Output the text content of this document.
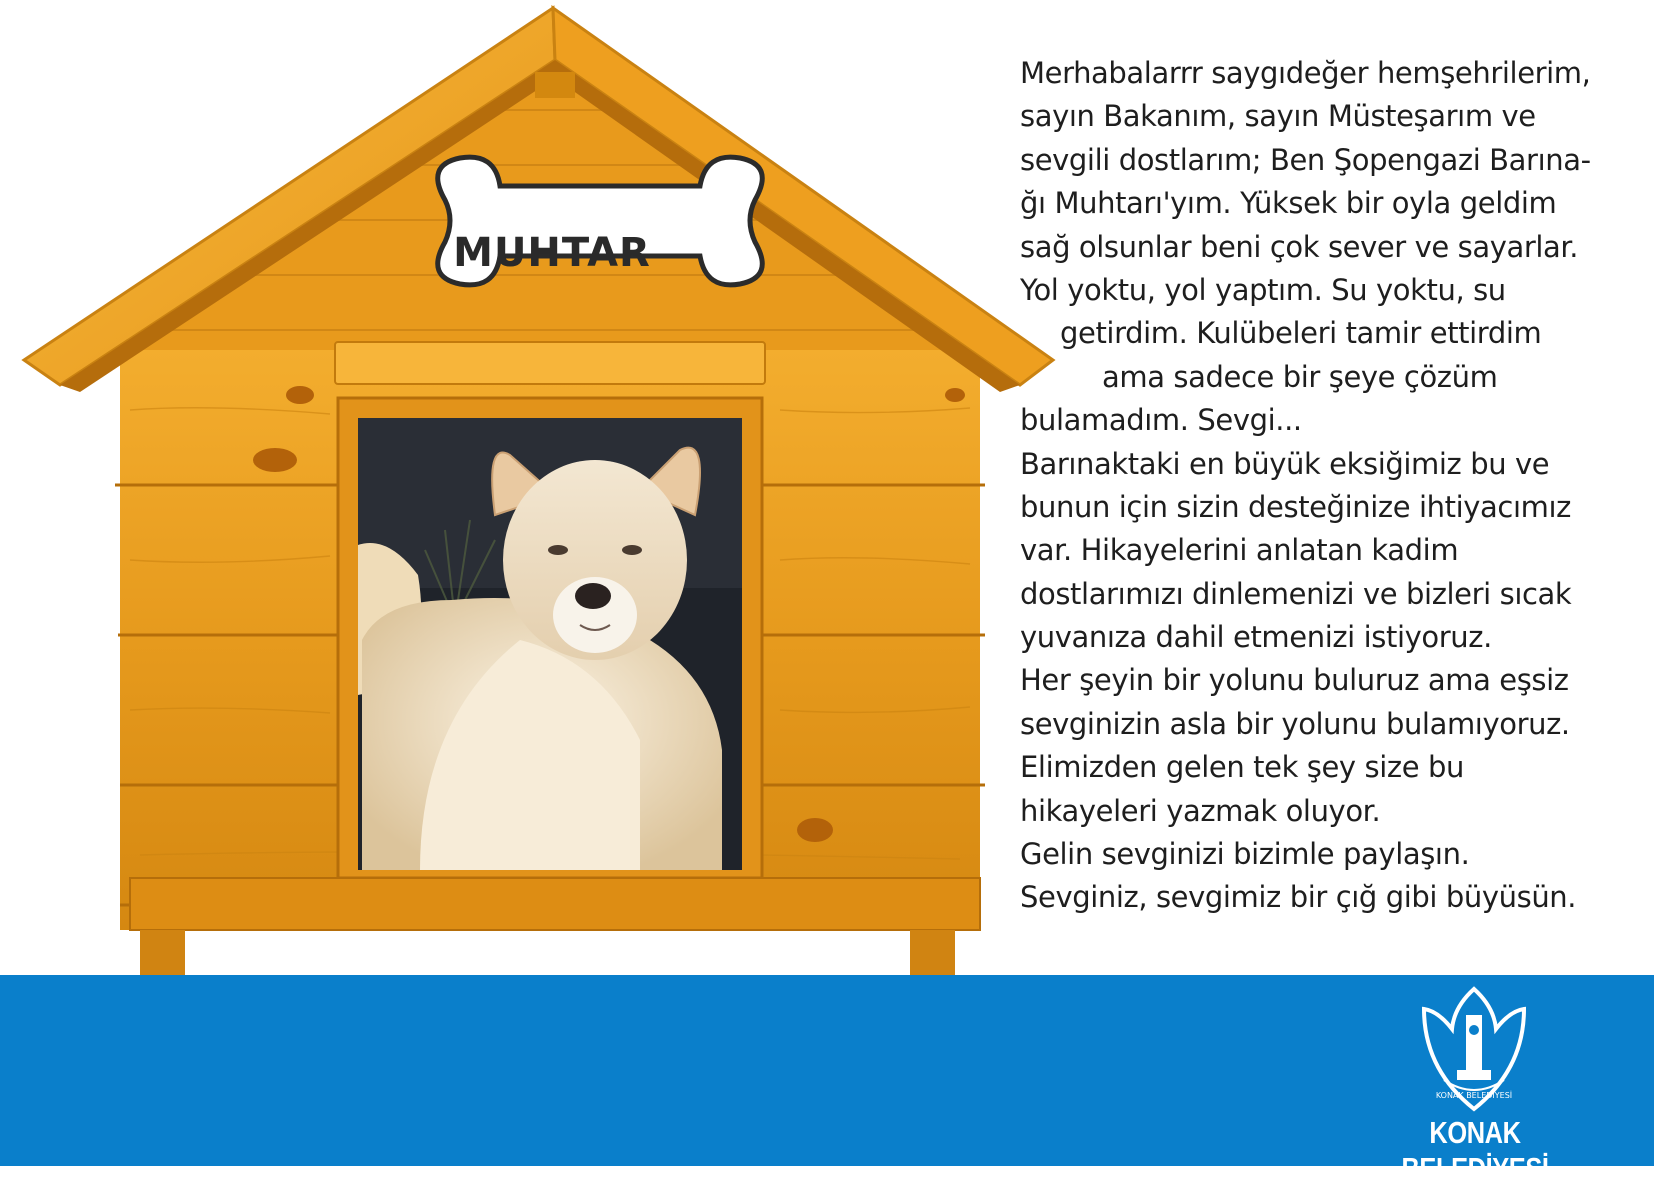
MUHTAR
Merhabalarrr saygıdeğer hemşehrilerim,
sayın Bakanım, sayın Müsteşarım ve
sevgili dostlarım; Ben Şopengazi Barına-
ğı Muhtarı'yım. Yüksek bir oyla geldim
sağ olsunlar beni çok sever ve sayarlar.
Yol yoktu, yol yaptım. Su yoktu, su
getirdim. Kulübeleri tamir ettirdim
ama sadece bir şeye çözüm
bulamadım. Sevgi...
Barınaktaki en büyük eksiğimiz bu ve
bunun için sizin desteğinize ihtiyacımız
var. Hikayelerini anlatan kadim
dostlarımızı dinlemenizi ve bizleri sıcak
yuvanıza dahil etmenizi istiyoruz.
Her şeyin bir yolunu buluruz ama eşsiz
sevginizin asla bir yolunu bulamıyoruz.
Elimizden gelen tek şey size bu
hikayeleri yazmak oluyor.
Gelin sevginizi bizimle paylaşın.
Sevginiz, sevgimiz bir çığ gibi büyüsün.
KONAK BELEDİYESİ
KONAK BELEDİYESİ
